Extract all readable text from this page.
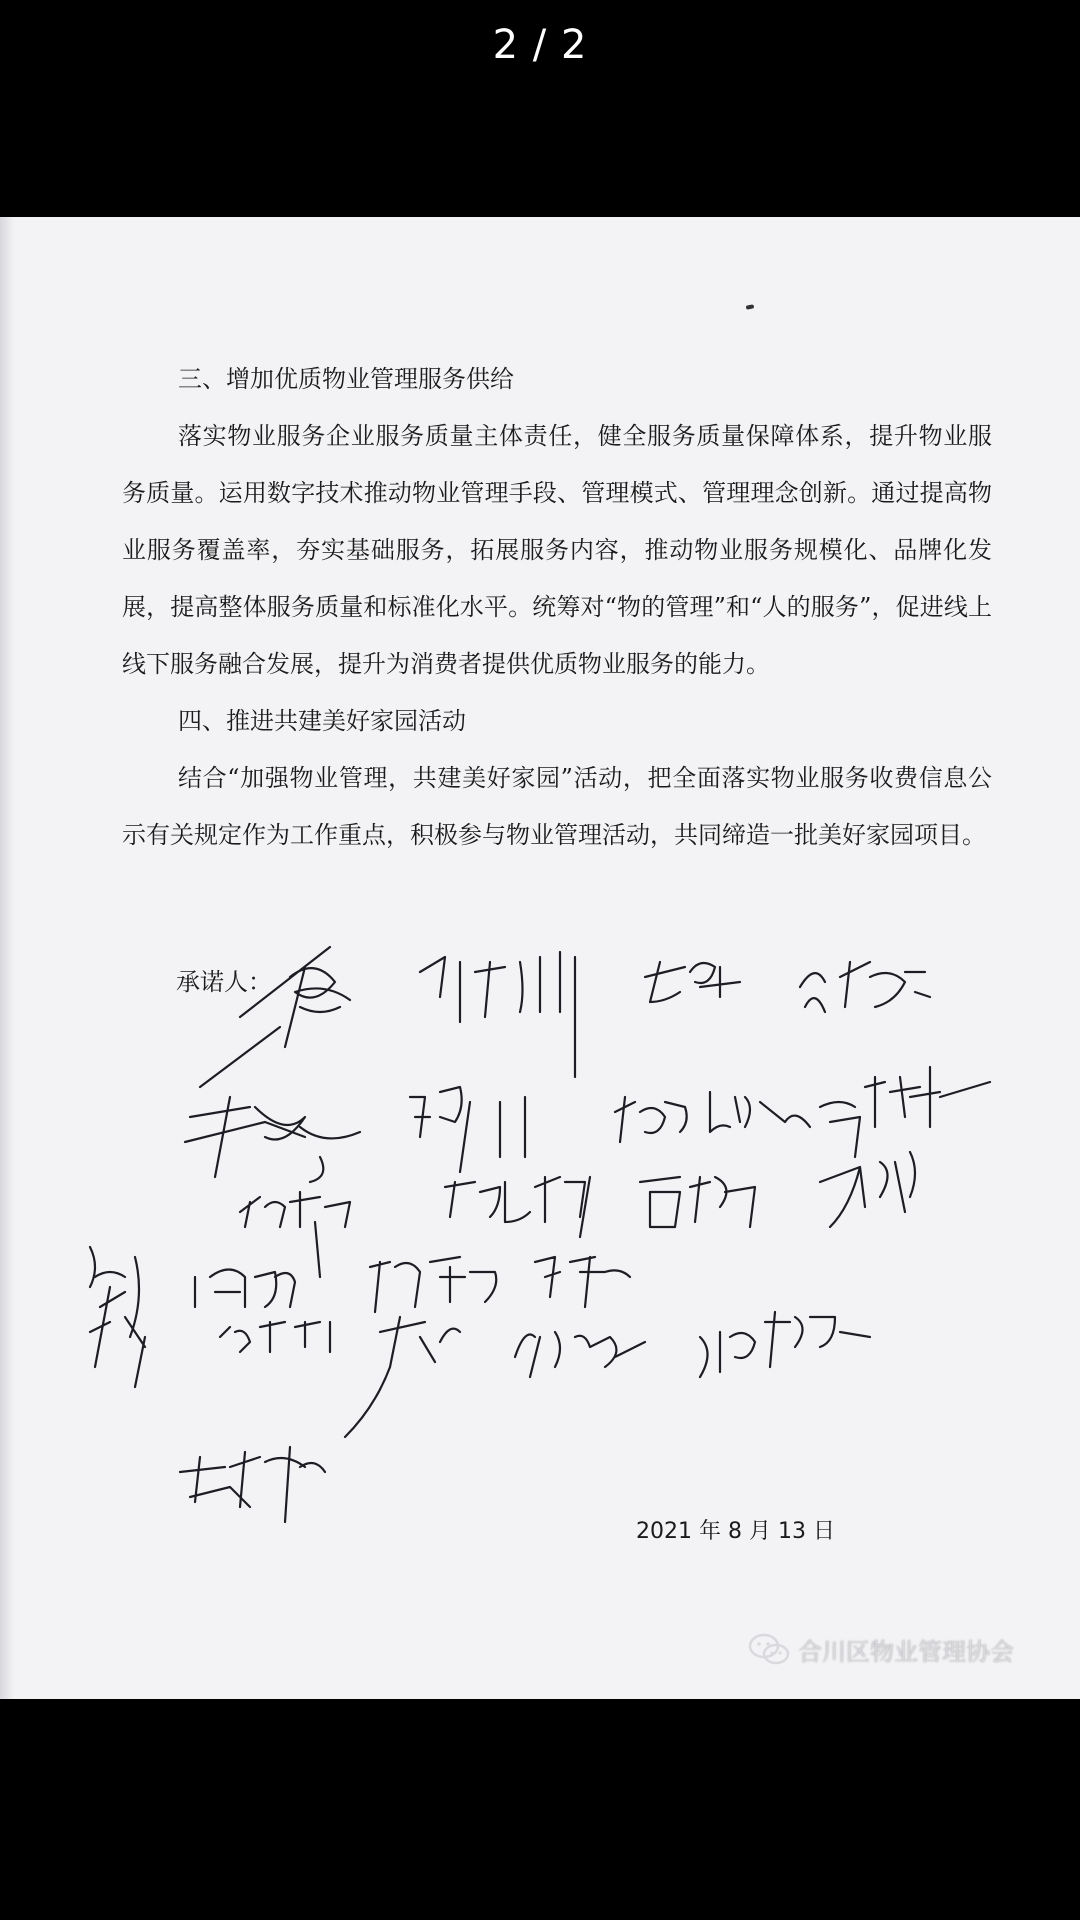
2 / 2

三、增加优质物业管理服务供给

落实物业服务企业服务质量主体责任，健全服务质量保障体系，提升物业服务质量。运用数字技术推动物业管理手段、管理模式、管理理念创新。通过提高物业服务覆盖率，夯实基础服务，拓展服务内容，推动物业服务规模化、品牌化发展，提高整体服务质量和标准化水平。统筹对“物的管理”和“人的服务”，促进线上线下服务融合发展，提升为消费者提供优质物业服务的能力。

四、推进共建美好家园活动

结合“加强物业管理，共建美好家园”活动，把全面落实物业服务收费信息公示有关规定作为工作重点，积极参与物业管理活动，共同缔造一批美好家园项目。

承诺人：
2021 年 8 月 13 日
合川区物业管理协会
